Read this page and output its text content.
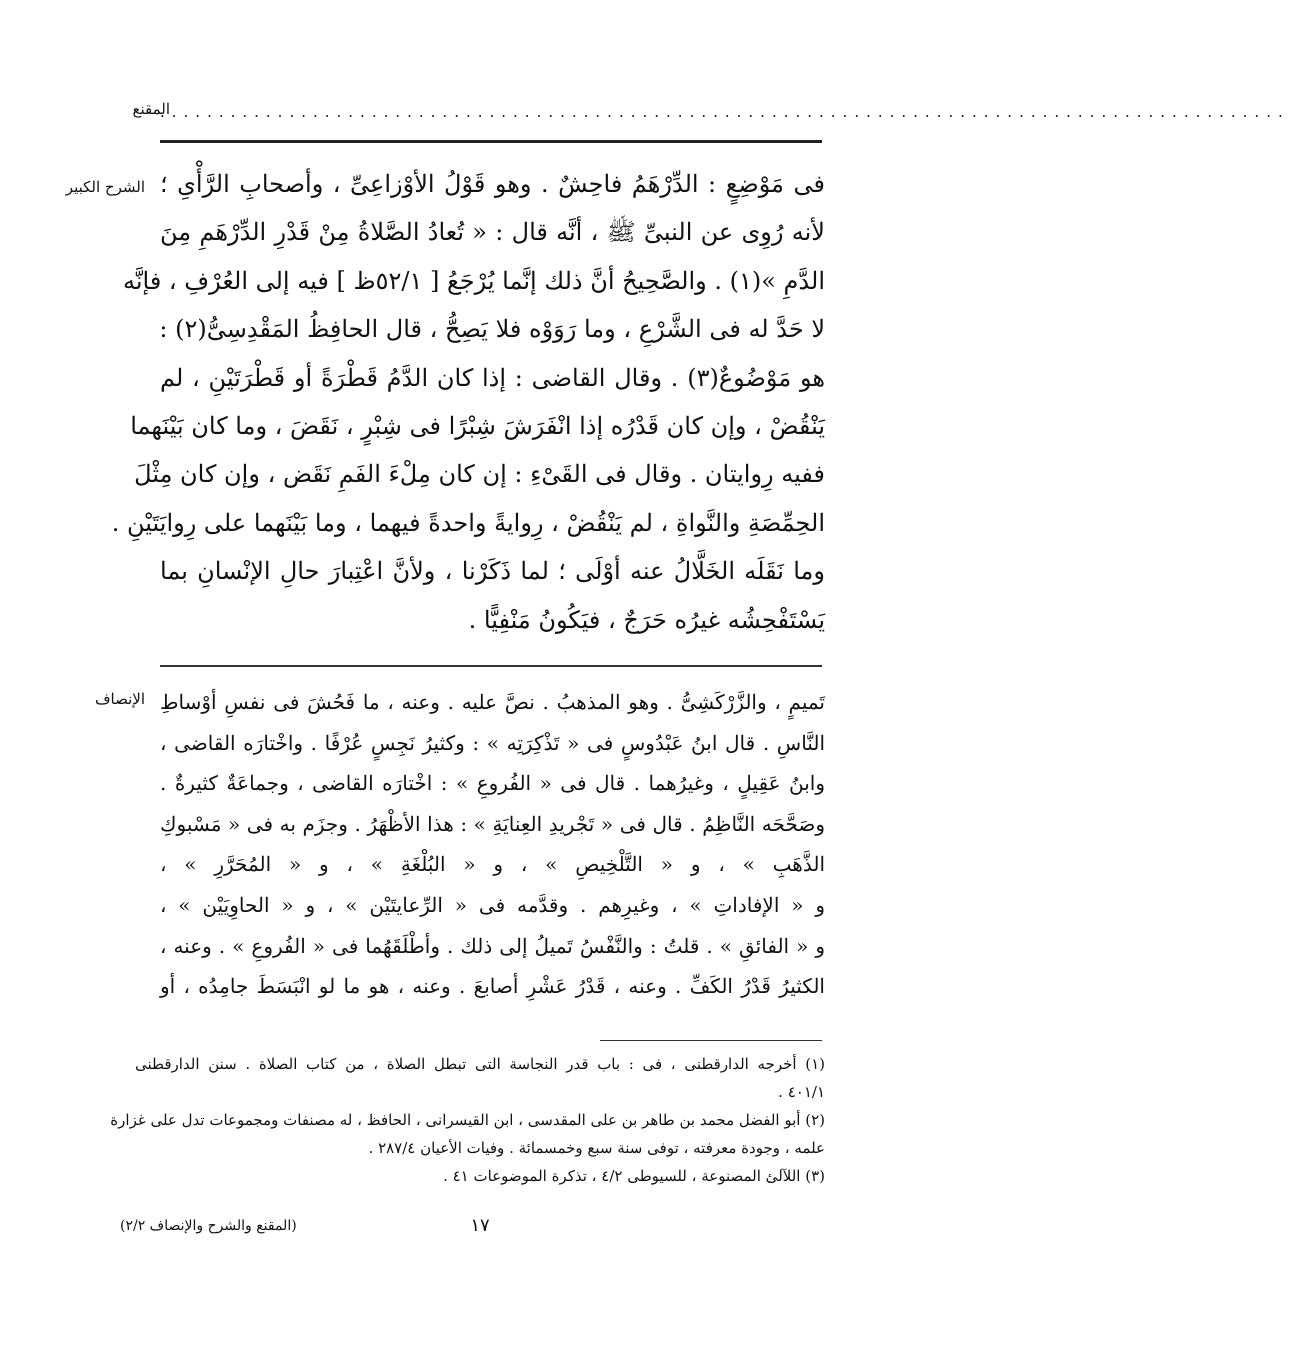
المقنع
................................................................................................
الشرح الكبير فى مَوْضِعٍ : الدِّرْهَمُ فاحِشٌ . وهو قَوْلُ الأوْزاعِىِّ ، وأصحابِ الرَّأْىِ ؛
لأنه رُوِى عن النبىِّ ﷺ ، أنَّه قال : « تُعادُ الصَّلاةُ مِنْ قَدْرِ الدِّرْهَمِ مِنَ
الدَّمِ »(١) . والصَّحِيحُ أنَّ ذلك إنَّما يُرْجَعُ [ ٥٢/١ظ ] فيه إلى العُرْفِ ، فإنَّه
لا حَدَّ له فى الشَّرْعِ ، وما رَوَوْه فلا يَصِحُّ ، قال الحافِظُ المَقْدِسِىُّ(٢) :
هو مَوْضُوعٌ(٣) . وقال القاضى : إذا كان الدَّمُ قَطْرَةً أو قَطْرَتَيْنِ ، لم
يَنْقُضْ ، وإن كان قَدْرُه إذا انْفَرَشَ شِبْرًا فى شِبْرٍ ، نَقَضَ ، وما كان بَيْنَهما
ففيه رِوايتان . وقال فى القَىْءِ : إن كان مِلْءَ الفَمِ نَقَض ، وإن كان مِثْلَ
الحِمِّصَةِ والنَّواةِ ، لم يَنْقُضْ ، رِوايةً واحدةً فيهما ، وما بَيْنَهما على رِوايَتَيْنِ .
وما نَقَلَه الخَلَّالُ عنه أوْلَى ؛ لما ذَكَرْنا ، ولأنَّ اعْتِبارَ حالِ الإنْسانِ بما
يَسْتَفْحِشُه غيرُه حَرَجٌ ، فيَكُونُ مَنْفِيًّا .
الإنصاف تَميمٍ ، والزَّرْكَشِىُّ . وهو المذهبُ . نصَّ عليه . وعنه ، ما فَحُشَ فى نفسِ أوْساطِ
النَّاسِ . قال ابنُ عَبْدُوسٍ فى « تَذْكِرَتِه » : وكثيرُ نَجِسٍ عُرْفًا . واخْتارَه القاضى ،
وابنُ عَقِيلٍ ، وغيرُهما . قال فى « الفُروعِ » : اخْتارَه القاضى ، وجماعَةٌ كثيرةٌ .
وصَحَّحَه النَّاظِمُ . قال فى « تَجْريدِ العِنايَةِ » : هذا الأظْهَرُ . وجزَم به فى « مَسْبوكِ
الذَّهَبِ » ، و « التَّلْخِيصِ » ، و « البُلْغَةِ » ، و « المُحَرَّرِ » ،
و « الإفاداتِ » ، وغيرِهم . وقدَّمه فى « الرِّعايتَيْن » ، و « الحاوِيَيْن » ،
و « الفائقِ » . قلتُ : والنَّفْسُ تَميلُ إلى ذلك . وأطْلَقَهُما فى « الفُروعِ » . وعنه ،
الكثيرُ قَدْرُ الكَفِّ . وعنه ، قَدْرُ عَشْرِ أصابعَ . وعنه ، هو ما لو انْبَسَطَ جامِدُه ، أو
(١) أخرجه الدارقطنى ، فى : باب قدر النجاسة التى تبطل الصلاة ، من كتاب الصلاة . سنن الدارقطنى
٤٠١/١ .
(٢) أبو الفضل محمد بن طاهر بن على المقدسى ، ابن القيسرانى ، الحافظ ، له مصنفات ومجموعات تدل على غزارة
علمه ، وجودة معرفته ، توفى سنة سبع وخمسمائة . وفيات الأعيان ٢٨٧/٤ .
(٣) اللآلئ المصنوعة ، للسيوطى ٤/٢ ، تذكرة الموضوعات ٤١ .
١٧
(المقنع والشرح والإنصاف ٢/٢)
